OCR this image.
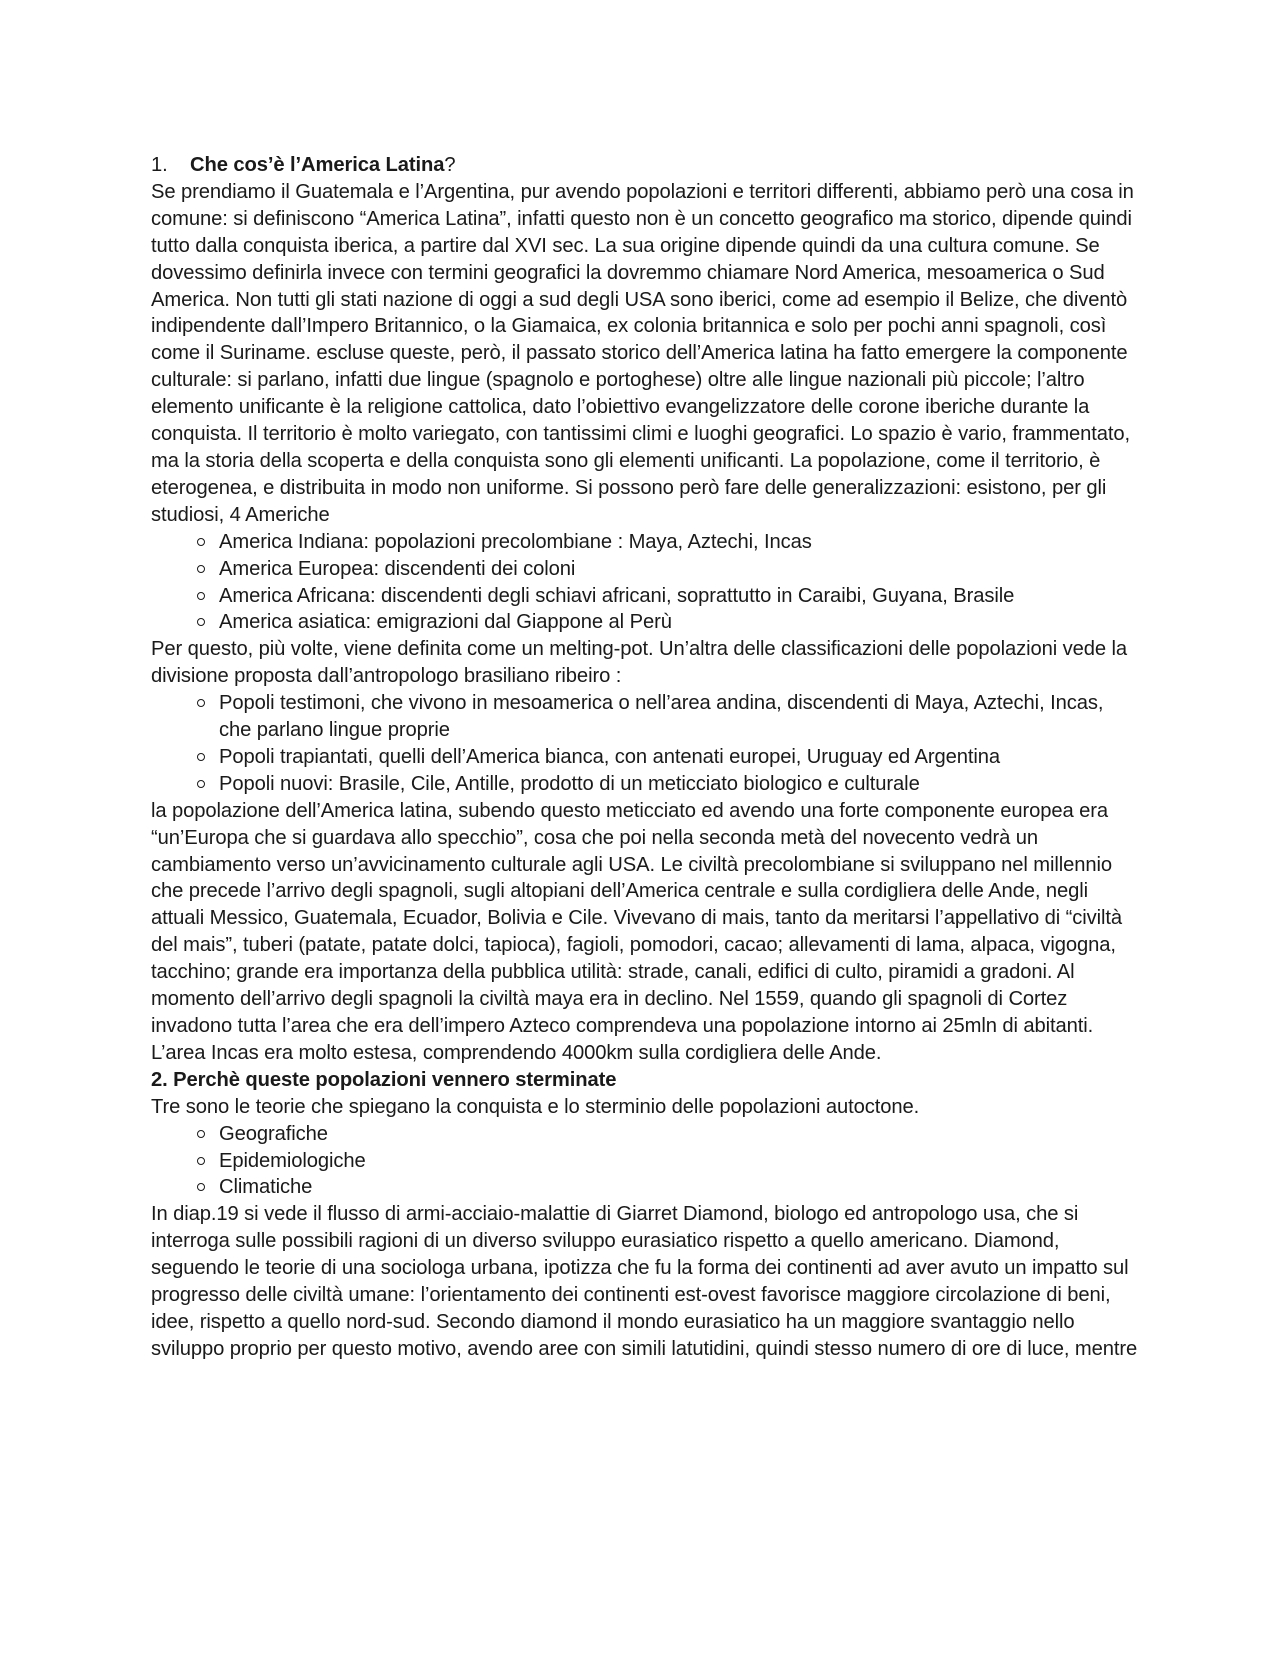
1. Che cos’è l’America Latina?

Se prendiamo il Guatemala e l’Argentina, pur avendo popolazioni e territori differenti, abbiamo però una cosa in comune: si definiscono “America Latina”, infatti questo non è un concetto geografico ma storico, dipende quindi tutto dalla conquista iberica, a partire dal XVI sec. La sua origine dipende quindi da una cultura comune. Se dovessimo definirla invece con termini geografici la dovremmo chiamare Nord America, mesoamerica o Sud America. Non tutti gli stati nazione di oggi a sud degli USA sono iberici, come ad esempio il Belize, che diventò indipendente dall’Impero Britannico, o la Giamaica, ex colonia britannica e solo per pochi anni spagnoli, così come il Suriname. escluse queste, però, il passato storico dell’America latina ha fatto emergere la componente culturale: si parlano, infatti due lingue (spagnolo e portoghese) oltre alle lingue nazionali più piccole; l’altro elemento unificante è la religione cattolica, dato l’obiettivo evangelizzatore delle corone iberiche durante la conquista. Il territorio è molto variegato, con tantissimi climi e luoghi geografici. Lo spazio è vario, frammentato, ma la storia della scoperta e della conquista sono gli elementi unificanti. La popolazione, come il territorio, è eterogenea, e distribuita in modo non uniforme. Si possono però fare delle generalizzazioni: esistono, per gli studiosi, 4 Americhe

America Indiana: popolazioni precolombiane : Maya, Aztechi, Incas
America Europea: discendenti dei coloni
America Africana: discendenti degli schiavi africani, soprattutto in Caraibi, Guyana, Brasile
America asiatica: emigrazioni dal Giappone al Perù

Per questo, più volte, viene definita come un melting-pot. Un’altra delle classificazioni delle popolazioni vede la divisione proposta dall’antropologo brasiliano ribeiro :

Popoli testimoni, che vivono in mesoamerica o nell’area andina, discendenti di Maya, Aztechi, Incas, che parlano lingue proprie
Popoli trapiantati, quelli dell’America bianca, con antenati europei, Uruguay ed Argentina
Popoli nuovi: Brasile, Cile, Antille, prodotto di un meticciato biologico e culturale

la popolazione dell’America latina, subendo questo meticciato ed avendo una forte componente europea era “un’Europa che si guardava allo specchio”, cosa che poi nella seconda metà del novecento vedrà un cambiamento verso un’avvicinamento culturale agli USA. Le civiltà precolombiane si sviluppano nel millennio che precede l’arrivo degli spagnoli, sugli altopiani dell’America centrale e sulla cordigliera delle Ande, negli attuali Messico, Guatemala, Ecuador, Bolivia e Cile. Vivevano di mais, tanto da meritarsi l’appellativo di “civiltà del mais”, tuberi (patate, patate dolci, tapioca), fagioli, pomodori, cacao; allevamenti di lama, alpaca, vigogna, tacchino; grande era importanza della pubblica utilità: strade, canali, edifici di culto, piramidi a gradoni. Al momento dell’arrivo degli spagnoli la civiltà maya era in declino. Nel 1559, quando gli spagnoli di Cortez invadono tutta l’area che era dell’impero Azteco comprendeva una popolazione intorno ai 25mln di abitanti. L’area Incas era molto estesa, comprendendo 4000km sulla cordigliera delle Ande.

2. Perchè queste popolazioni vennero sterminate

Tre sono le teorie che spiegano la conquista e lo sterminio delle popolazioni autoctone.

Geografiche
Epidemiologiche
Climatiche

In diap.19 si vede il flusso di armi-acciaio-malattie di Giarret Diamond, biologo ed antropologo usa, che si interroga sulle possibili ragioni di un diverso sviluppo eurasiatico rispetto a quello americano. Diamond, seguendo le teorie di una sociologa urbana, ipotizza che fu la forma dei continenti ad aver avuto un impatto sul progresso delle civiltà umane: l’orientamento dei continenti est-ovest favorisce maggiore circolazione di beni, idee, rispetto a quello nord-sud. Secondo diamond il mondo eurasiatico ha un maggiore svantaggio nello sviluppo proprio per questo motivo, avendo aree con simili latutidini, quindi stesso numero di ore di luce, mentre
